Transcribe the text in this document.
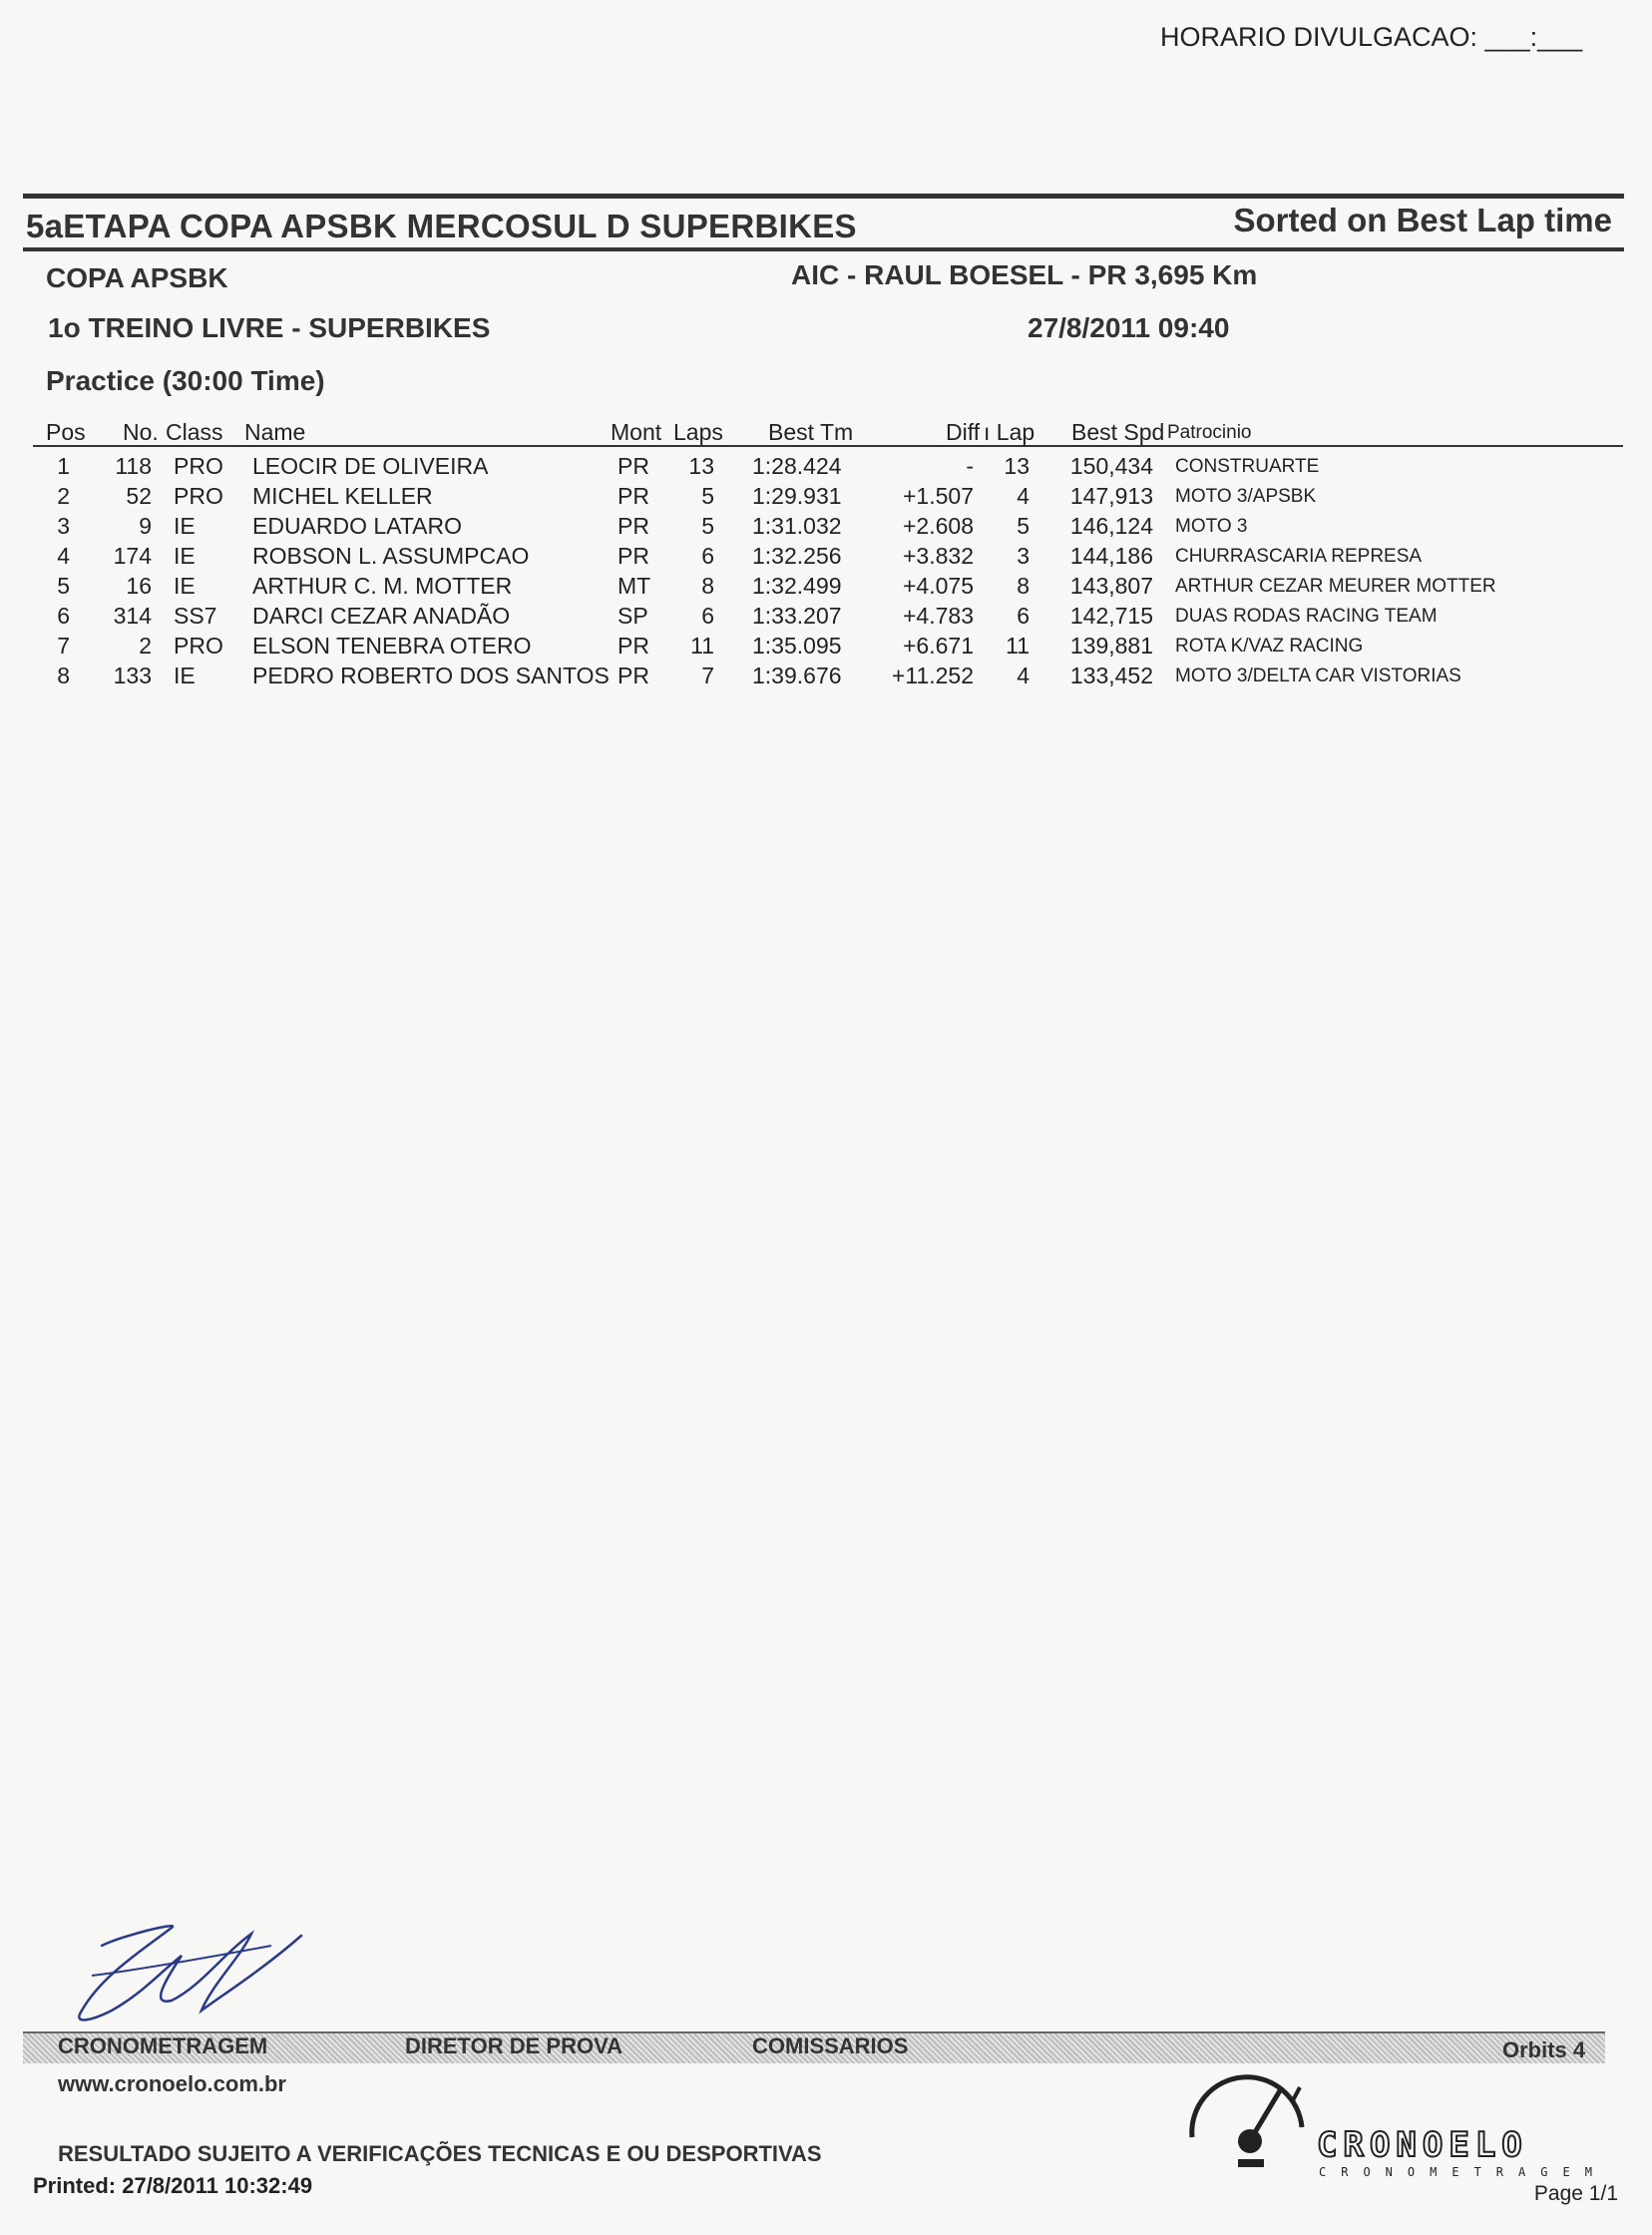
HORARIO DIVULGACAO: ___:___
5aETAPA COPA APSBK MERCOSUL D SUPERBIKES	Sorted on Best Lap time
COPA APSBK	AIC - RAUL BOESEL - PR 3,695 Km
1o TREINO LIVRE - SUPERBIKES	27/8/2011 09:40
Practice (30:00 Time)
Pos No. Class Name	Mont Laps Best Tm	Diff ı Lap Best Spd Patrocinio
1	118 PRO	LEOCIR DE OLIVEIRA	PR	13 1:28.424	-	13	150,434 CONSTRUARTE
2	52 PRO	MICHEL KELLER	PR	5 1:29.931	+1.507	4	147,913 MOTO 3/APSBK
3	9 IE	EDUARDO LATARO	PR	5 1:31.032	+2.608	5	146,124 MOTO 3
4	174 IE	ROBSON L. ASSUMPCAO	PR	6 1:32.256	+3.832	3	144,186 CHURRASCARIA REPRESA
5	16 IE	ARTHUR C. M. MOTTER	MT	8 1:32.499	+4.075	8	143,807 ARTHUR CEZAR MEURER MOTTER
6	314 SS7	DARCI CEZAR ANADÃO	SP	6 1:33.207	+4.783	6	142,715 DUAS RODAS RACING TEAM
7	2 PRO	ELSON TENEBRA OTERO	PR	11 1:35.095	+6.671	11	139,881 ROTA K/VAZ RACING
8	133 IE	PEDRO ROBERTO DOS SANTOS PR	7 1:39.676	+11.252	4	133,452 MOTO 3/DELTA CAR VISTORIAS
CRONOMETRAGEM	DIRETOR DE PROVA	COMISSARIOS	Orbits 4
www.cronoelo.com.br
RESULTADO SUJEITO A VERIFICAÇÕES TECNICAS E OU DESPORTIVAS
Printed: 27/8/2011 10:32:49
CRONOELO
CRONOMETRAGEM
Page 1/1
